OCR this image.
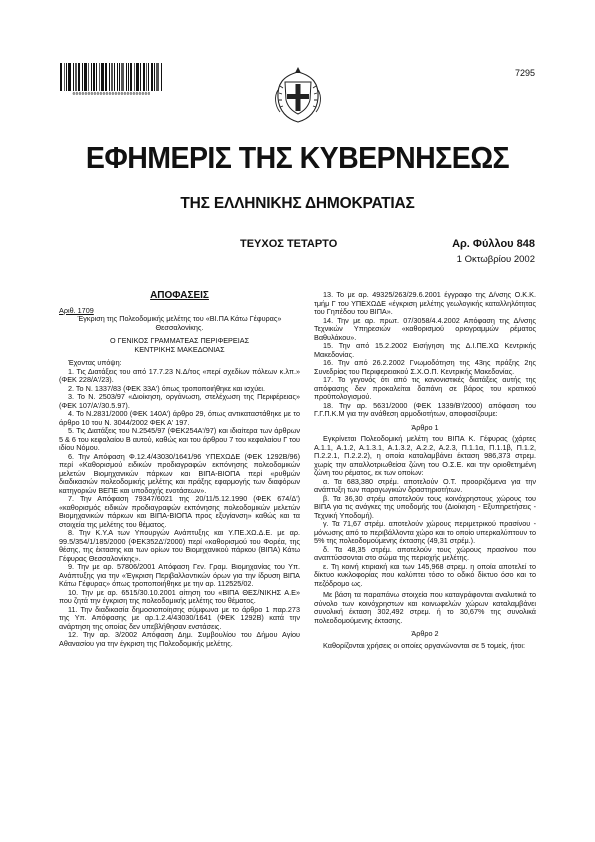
00000000000000000000000000
7295
ΕΦΗΜΕΡΙΣ ΤΗΣ ΚΥΒΕΡΝΗΣΕΩΣ
ΤΗΣ ΕΛΛΗΝΙΚΗΣ ΔΗΜΟΚΡΑΤΙΑΣ
ΤΕΥΧΟΣ ΤΕΤΑΡΤΟ	Αρ. Φύλλου 848
1 Οκτωβρίου 2002
ΑΠΟΦΑΣΕΙΣ

Αριθ. 1709

Έγκριση της Πολεοδομικής μελέτης του «ΒΙ.ΠΑ Κάτω Γέφυρας» Θεσσαλονίκης.

Ο ΓΕΝΙΚΟΣ ΓΡΑΜΜΑΤΕΑΣ ΠΕΡΙΦΕΡΕΙΑΣ

ΚΕΝΤΡΙΚΗΣ ΜΑΚΕΔΟΝΙΑΣ

Έχοντας υπόψη:

1. Τις Διατάξεις του από 17.7.23 Ν.Δ/τος «περί σχεδίων πόλεων κ.λπ.» (ΦΕΚ 228/Α'/23).

2. Το Ν. 1337/83 (ΦΕΚ 33Α') όπως τροποποιήθηκε και ισχύει.

3. Το Ν. 2503/97 «Διοίκηση, οργάνωση, στελέχωση της Περιφέρειας» (ΦΕΚ 107/Α'/30.5.97).

4. Το Ν.2831/2000 (ΦΕΚ 140Α') άρθρο 29, όπως αντικαταστάθηκε με το άρθρο 10 του Ν. 3044/2002 ΦΕΚ Α' 197.

5. Τις Διατάξεις του Ν.2545/97 (ΦΕΚ254Α'/97) και ιδιαίτερα των άρθρων 5 & 6 του κεφαλαίου Β αυτού, καθώς και του άρθρου 7 του κεφαλαίου Γ του ιδίου Νόμου.

6. Την Απόφαση Φ.12.4/43030/1641/96 ΥΠΕΧΩΔΕ (ΦΕΚ 1292Β/96) περί «Καθορισμού ειδικών προδιαγραφών εκπόνησης πολεοδομικών μελετών Βιομηχανικών πάρκων και ΒΙΠΑ-ΒΙΟΠΑ περί «ρυθμών διαδικασιών πολεοδομικής μελέτης και πράξης εφαρμογής των διαφόρων κατηγοριών ΒΕΠΕ και υποδοχής ενοτάσεων».

7. Την Απόφαση 79347/6021 της 20/11/5.12.1990 (ΦΕΚ 674/Δ') «καθορισμός ειδικών προδιαγραφών εκπόνησης πολεοδομικών μελετών Βιομηχανικών πάρκων και ΒΙΠΑ-ΒΙΟΠΑ προς εξυγίανση» καθώς και τα στοιχεία της μελέτης του θέματος.

8. Την Κ.Υ.Α των Υπουργών Ανάπτυξης και Υ.ΠΕ.ΧΩ.Δ.Ε. με αρ. 99.5/354/1/185/2000 (ΦΕΚ352Δ'/2000) περί «καθορισμού του Φορέα, της θέσης, της έκτασης και των ορίων του Βιομηχανικού πάρκου (ΒΙΠΑ) Κάτω Γέφυρας Θεσσαλονίκης».

9. Την με αρ. 57806/2001 Απόφαση Γεν. Γραμ. Βιομηχανίας του Υπ. Ανάπτυξης για την «Έγκριση Περιβαλλοντικών όρων για την ίδρυση ΒΙΠΑ Κάτω Γέφυρας» όπως τροποποιήθηκε με την αρ. 112525/02.

10. Την με αρ. 6515/30.10.2001 αίτηση του «ΒΙΠΑ ΘΕΣ/ΝΙΚΗΣ Α.Ε» που ζητά την έγκριση της πολεοδομικής μελέτης του θέματος.

11. Την διαδικασία δημοσιοποίησης σύμφωνα με το άρθρο 1 παρ.273 της Υπ. Απόφασης με αρ.1.2.4/43030/1641 (ΦΕΚ 1292Β) κατά την ανάρτηση της οποίας δεν υπεβλήθησαν ενστάσεις.

12. Την αρ. 3/2002 Απόφαση Δημ. Συμβουλίου του Δήμου Αγίου Αθανασίου για την έγκριση της Πολεοδομικής μελέτης.

13. Το με αρ. 49325/263/29.6.2001 έγγραφο της Δ/νσης Ο.Κ.Κ. τμήμ Γ του ΥΠΕΧΩΔΕ «έγκριση μελέτης γεωλογικής καταλληλότητας του Γηπέδου του ΒΙΠΑ».

14. Την με αρ. πρωτ. 07/3058/4.4.2002 Απόφαση της Δ/νσης Τεχνικών Υπηρεσιών «καθορισμού οριογραμμών ρέματος Βαθυλάκου».

15. Την από 15.2.2002 Εισήγηση της Δ.Ι.ΠΕ.ΧΩ Κεντρικής Μακεδονίας.

16. Την από 26.2.2002 Γνωμοδότηση της 43ης πράξης 2ης Συνεδρίας του Περιφερειακού Σ.Χ.Ο.Π. Κεντρικής Μακεδονίας.

17. Το γεγονός ότι από τις κανονιστικές διατάξεις αυτής της απόφασης δεν προκαλείται δαπάνη σε βάρος του κρατικού προϋπολογισμού.

18. Την αρ. 5631/2000 (ΦΕΚ 1339/Β'/2000) απόφαση του Γ.Γ.Π.Κ.Μ για την ανάθεση αρμοδιοτήτων, αποφασίζουμε:

Άρθρο 1

Εγκρίνεται Πολεοδομική μελέτη του ΒΙΠΑ Κ. Γέφυρας (χάρτες Α.1.1, Α.1.2, Α.1.3.1, Α.1.3.2, Α.2.2, Α.2.3, Π.1.1α, Π.1.1β, Π.1.2, Π.2.2.1, Π.2.2.2), η οποία καταλαμβάνει έκταση 986,373 στρεμ. χωρίς την απαλλοτριωθείσα ζώνη του Ο.Σ.Ε. και την οριοθετημένη ζώνη του ρέματος, εκ των οποίων:

α. Τα 683,380 στρέμ. αποτελούν Ο.Τ. προοριζόμενα για την ανάπτυξη των παραγωγικών δραστηριοτήτων.

β. Τα 36,30 στρέμ αποτελούν τους κοινόχρηστους χώρους του ΒΙΠΑ για τις ανάγκες της υποδομής του (Διοίκηση - Εξυπηρετήσεις - Τεχνική Υποδομή).

γ. Τα 71,67 στρέμ. αποτελούν χώρους περιμετρικού πρασίνου - μόνωσης από το περιβάλλοντα χώρο και το οποίο υπερκαλύπτουν το 5% της πολεοδομούμενης έκτασης (49,31 στρέμ.).

δ. Τα 48,35 στρέμ. αποτελούν τους χώρους πρασίνου που αναπτύσσονται στο σώμα της περιοχής μελέτης.

ε. Τη κοινή κτιριακή και των 145,968 στρεμ. η οποία αποτελεί το δίκτυο κυκλοφορίας που καλύπτει τόσο το οδικό δίκτυο όσο και το πεζόδρομο ως.

Με βάση τα παραπάνω στοιχεία που καταγράφονται αναλυτικά το σύνολο των κοινόχρηστων και κοινωφελών χώρων καταλαμβάνει συνολική έκταση 302,492 στρεμ. ή το 30,67% της συνολικά πολεοδομούμενης έκτασης.

Άρθρο 2

Καθορίζονται χρήσεις οι οποίες οργανώνονται σε 5 τομείς, ήτοι:
